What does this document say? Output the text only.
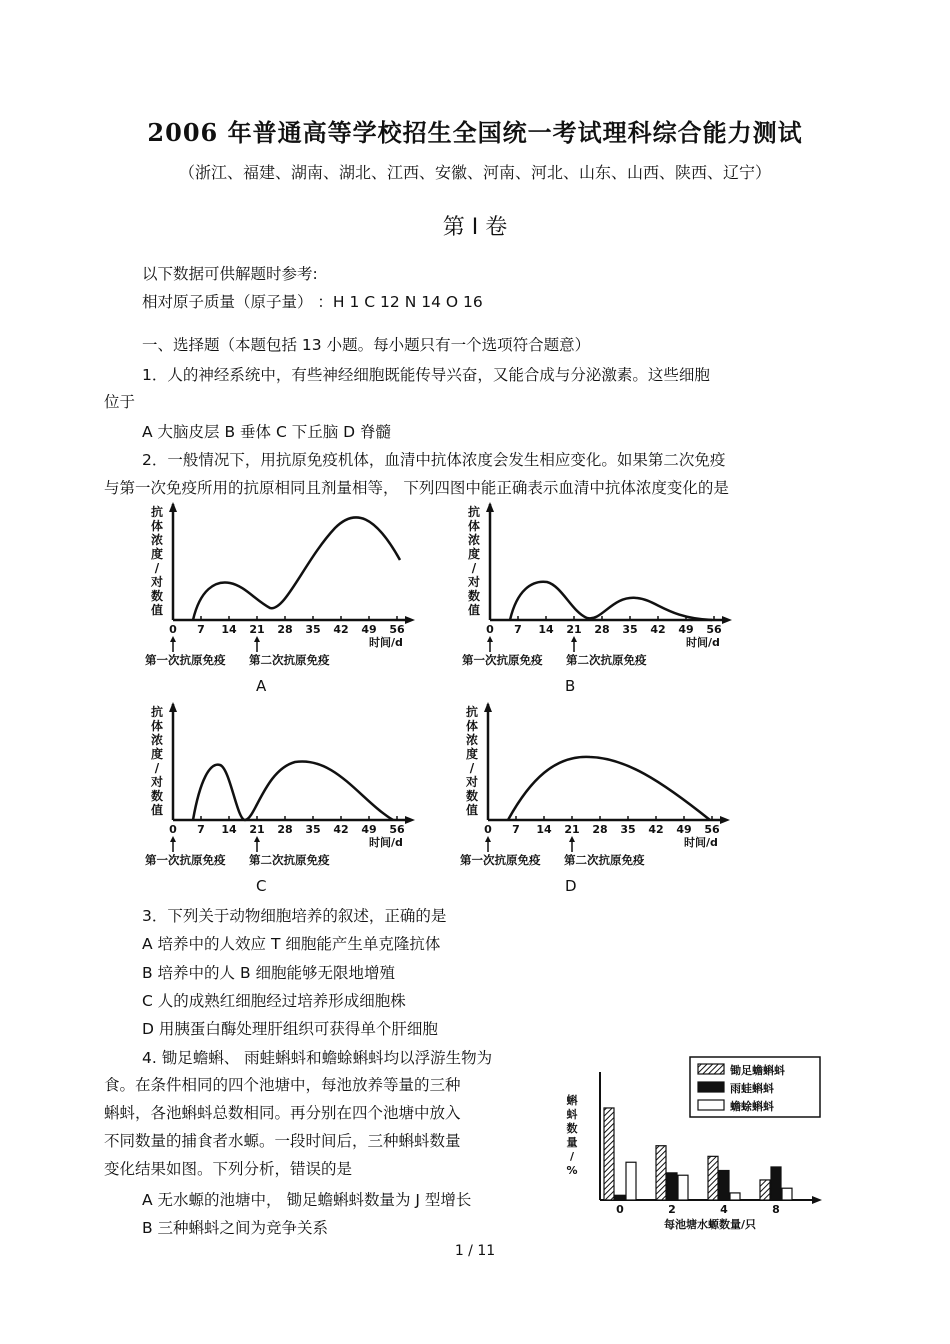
2006 年普通高等学校招生全国统一考试理科综合能力测试
（浙江、福建、湖南、湖北、江西、安徽、河南、河北、山东、山西、陕西、辽宁）
第 I 卷
以下数据可供解题时参考:
相对原子质量（原子量） ：H 1 C 12 N 14 O 16
一、选择题（本题包括 13 小题。每小题只有一个选项符合题意）
1．人的神经系统中，有些神经细胞既能传导兴奋，又能合成与分泌激素。这些细胞
位于
A 大脑皮层 B 垂体 C 下丘脑 D 脊髓
2．一般情况下，用抗原免疫机体，血清中抗体浓度会发生相应变化。如果第二次免疫
与第一次免疫所用的抗原相同且剂量相等， 下列四图中能正确表示血清中抗体浓度变化的是
抗
体
浓
度
/
对
数
值
0 7 14 21 28 35 42 49 56
时间/d
第一次抗原免疫 第二次抗原免疫
A
抗
体
浓
度
/
对
数
值
0 7 14 21 28 35 42 49 56
时间/d
第一次抗原免疫 第二次抗原免疫
B
抗
体
浓
度
/
对
数
值
0 7 14 21 28 35 42 49 56
时间/d
第一次抗原免疫 第二次抗原免疫
C
抗
体
浓
度
/
对
数
值
0 7 14 21 28 35 42 49 56
时间/d
第一次抗原免疫 第二次抗原免疫
D
3．下列关于动物细胞培养的叙述，正确的是
A 培养中的人效应 T 细胞能产生单克隆抗体
B 培养中的人 B 细胞能够无限地增殖
C 人的成熟红细胞经过培养形成细胞株
D 用胰蛋白酶处理肝组织可获得单个肝细胞
4. 锄足蟾蝌、 雨蛙蝌蚪和蟾蜍蝌蚪均以浮游生物为
食。在条件相同的四个池塘中，每池放养等量的三种
蝌蚪，各池蝌蚪总数相同。再分别在四个池塘中放入
不同数量的捕食者水螈。一段时间后，三种蝌蚪数量
变化结果如图。下列分析，错误的是
A 无水螈的池塘中， 锄足蟾蝌蚪数量为 J 型增长
B 三种蝌蚪之间为竞争关系
蝌
蚪
数
量
/
%
0	2	4	8
每池塘水螈数量/只
锄足蟾蝌蚪
雨蛙蝌蚪
蟾蜍蝌蚪
1 / 11
